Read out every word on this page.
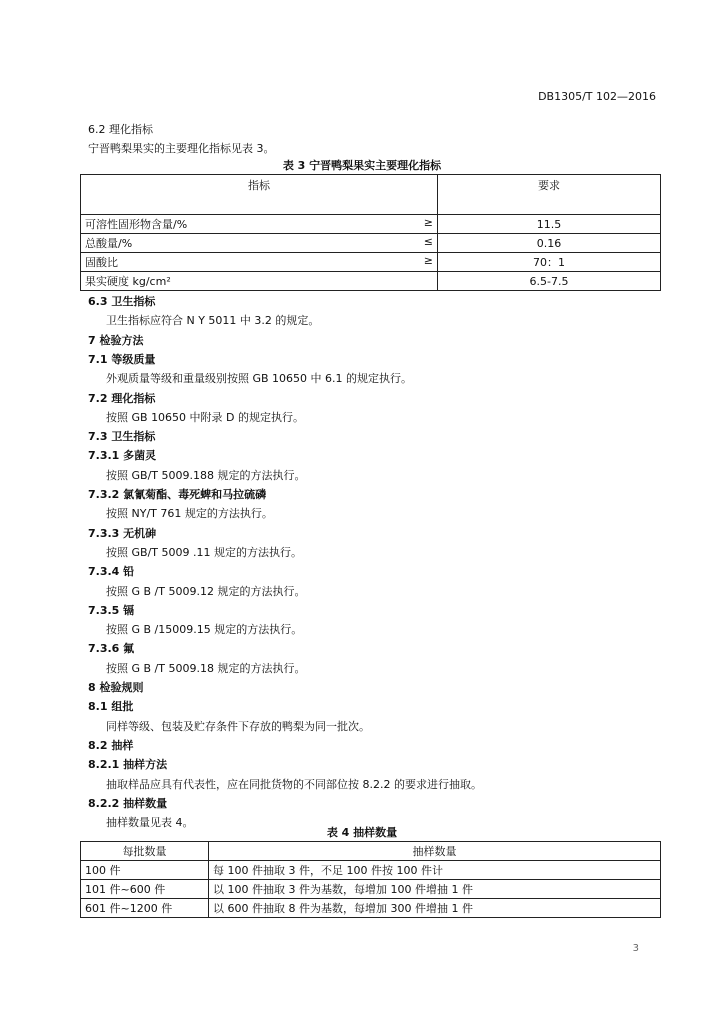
DB1305/T 102—2016
6.2 理化指标
宁晋鸭梨果实的主要理化指标见表 3。
表 3 宁晋鸭梨果实主要理化指标
指标	要求
可溶性固形物含量/% ≥	11.5
总酸量/% ≤	0.16
固酸比 ≥	70：1
果实硬度 kg/cm²	6.5-7.5
6.3 卫生指标
卫生指标应符合 N Y 5011 中 3.2 的规定。
7 检验方法
7.1 等级质量
外观质量等级和重量级别按照 GB 10650 中 6.1 的规定执行。
7.2 理化指标
按照 GB 10650 中附录 D 的规定执行。
7.3 卫生指标
7.3.1 多菌灵
按照 GB/T 5009.188 规定的方法执行。
7.3.2 氯氰菊酯、毒死蜱和马拉硫磷
按照 NY/T 761 规定的方法执行。
7.3.3 无机砷
按照 GB/T 5009 .11 规定的方法执行。
7.3.4 铅
按照 G B /T 5009.12 规定的方法执行。
7.3.5 镉
按照 G B /15009.15 规定的方法执行。
7.3.6 氟
按照 G B /T 5009.18 规定的方法执行。
8 检验规则
8.1 组批
同样等级、包装及贮存条件下存放的鸭梨为同一批次。
8.2 抽样
8.2.1 抽样方法
抽取样品应具有代表性，应在同批货物的不同部位按 8.2.2 的要求进行抽取。
8.2.2 抽样数量
抽样数量见表 4。
表 4 抽样数量
每批数量	抽样数量
100 件	每 100 件抽取 3 件，不足 100 件按 100 件计
101 件~600 件	以 100 件抽取 3 件为基数，每增加 100 件增抽 1 件
601 件~1200 件	以 600 件抽取 8 件为基数，每增加 300 件增抽 1 件
3
